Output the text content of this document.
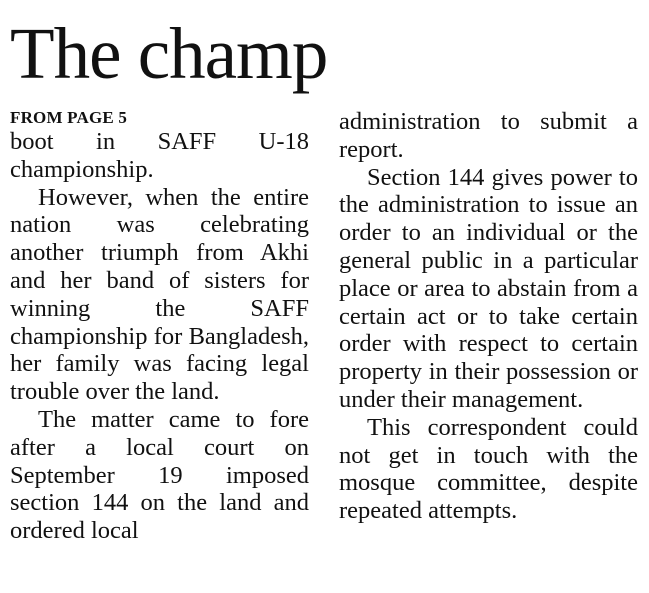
The champ
FROM PAGE 5

boot in SAFF U-18 championship.

However, when the entire nation was celebrating another triumph from Akhi and her band of sisters for winning the SAFF championship for Bangladesh, her family was facing legal trouble over the land.

The matter came to fore after a local court on September 19 imposed section 144 on the land and ordered local

administration to submit a report.

Section 144 gives power to the administration to issue an order to an individual or the general public in a particular place or area to abstain from a certain act or to take certain order with respect to certain property in their possession or under their management.

This correspondent could not get in touch with the mosque committee, despite repeated attempts.
